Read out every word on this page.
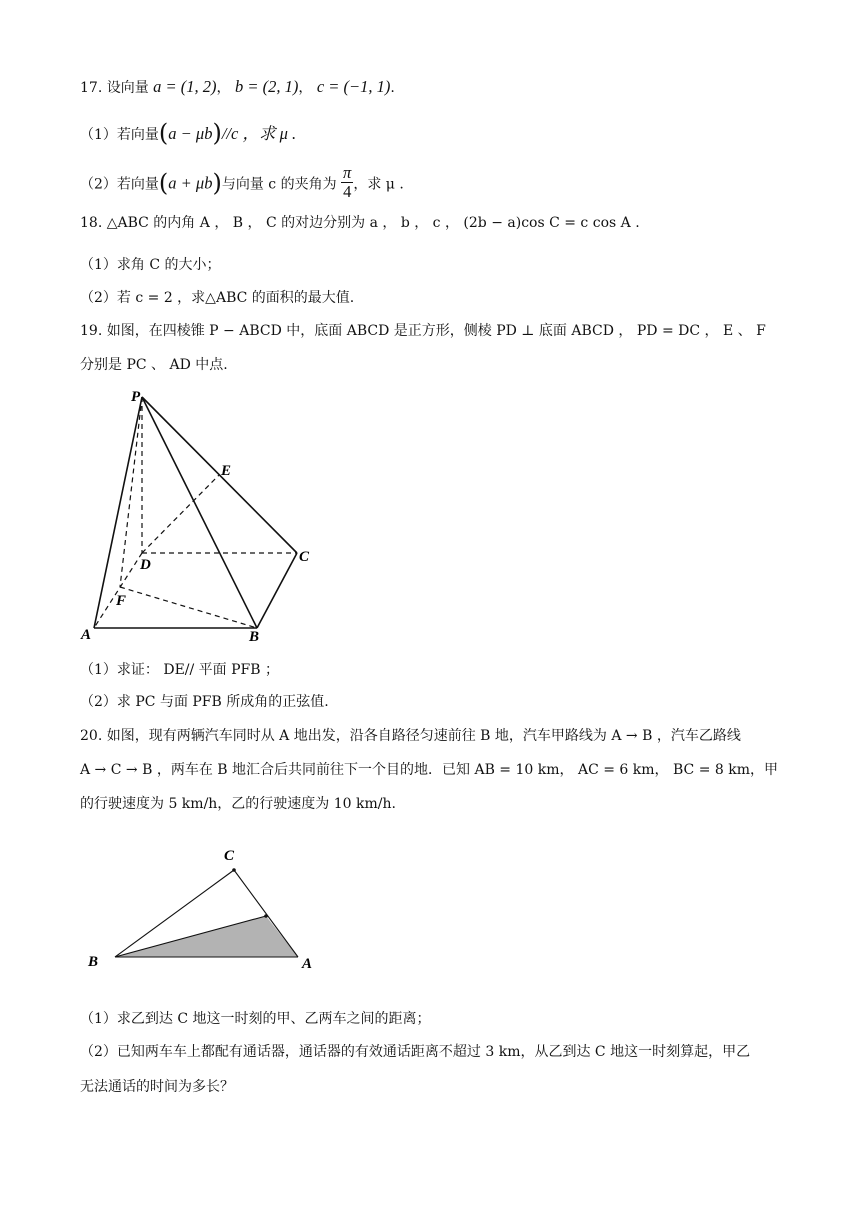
17. 设向量 a = (1, 2)， b = (2, 1)， c = (−1, 1).
（1）若向量(a − μb)//c ，求 μ .
（2）若向量(a + μb)与向量 c 的夹角为 $\frac{\pi}{4}$ ，求 μ .
18. △ABC 的内角 A ， B ， C 的对边分别为 a ， b ， c ， (2b − a)cos C = c cos A .
（1）求角 C 的大小；
（2）若 c = 2 ，求△ABC 的面积的最大值.
19. 如图，在四棱锥 P − ABCD 中，底面 ABCD 是正方形，侧棱 PD ⊥ 底面 ABCD ， PD = DC ， E 、 F
分别是 PC 、 AD 中点.
P
E
D	C
F
A	B
（1）求证： DE// 平面 PFB ；
（2）求 PC 与面 PFB 所成角的正弦值.
20. 如图，现有两辆汽车同时从 A 地出发，沿各自路径匀速前往 B 地，汽车甲路线为 A → B ，汽车乙路线
A → C → B ，两车在 B 地汇合后共同前往下一个目的地．已知 AB = 10 km， AC = 6 km， BC = 8 km，甲
的行驶速度为 5 km/h，乙的行驶速度为 10 km/h.
C
B	A
（1）求乙到达 C 地这一时刻的甲、乙两车之间的距离；
（2）已知两车车上都配有通话器，通话器的有效通话距离不超过 3 km，从乙到达 C 地这一时刻算起，甲乙
无法通话的时间为多长？
